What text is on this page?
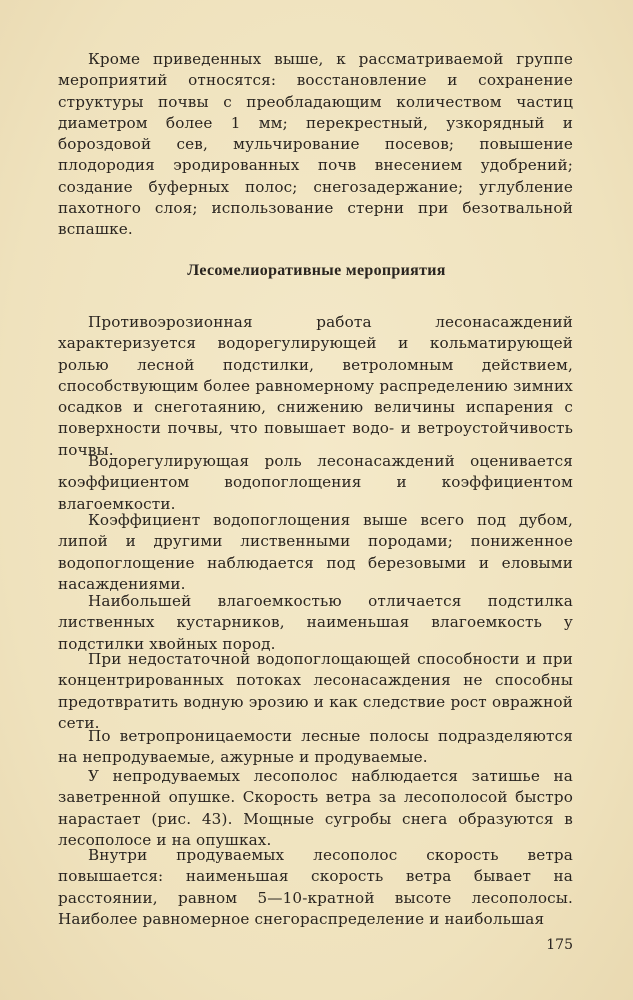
Кроме приведенных выше, к рассматриваемой группе мероприятий относятся: восстановление и сохранение структуры почвы с преобладающим количеством частиц диаметром более 1 мм; перекрестный, узкорядный и бороздовой сев, мульчирование посевов; повышение плодородия эродированных почв внесением удобрений; создание буферных полос; снегозадержание; углубление пахотного слоя; использование стерни при безотвальной вспашке.

Лесомелиоративные мероприятия

Противоэрозионная работа лесонасаждений характеризуется водорегулирующей и кольматирующей ролью лесной подстилки, ветроломным действием, способствующим более равномерному распределению зимних осадков и снеготаянию, снижению величины испарения с поверхности почвы, что повышает водо- и ветроустойчивость почвы.

Водорегулирующая роль лесонасаждений оценивается коэффициентом водопоглощения и коэффициентом влагоемкости.

Коэффициент водопоглощения выше всего под дубом, липой и другими лиственными породами; пониженное водопоглощение наблюдается под березовыми и еловыми насаждениями.

Наибольшей влагоемкостью отличается подстилка лиственных кустарников, наименьшая влагоемкость у подстилки хвойных пород.

При недостаточной водопоглощающей способности и при концентрированных потоках лесонасаждения не способны предотвратить водную эрозию и как следствие рост овражной сети.

По ветропроницаемости лесные полосы подразделяются на непродуваемые, ажурные и продуваемые.

У непродуваемых лесополос наблюдается затишье на заветренной опушке. Скорость ветра за лесополосой быстро нарастает (рис. 43). Мощные сугробы снега образуются в лесополосе и на опушках.

Внутри продуваемых лесополос скорость ветра повышается: наименьшая скорость ветра бывает на расстоянии, равном 5—10-кратной высоте лесополосы. Наиболее равномерное снегораспределение и наибольшая

175
